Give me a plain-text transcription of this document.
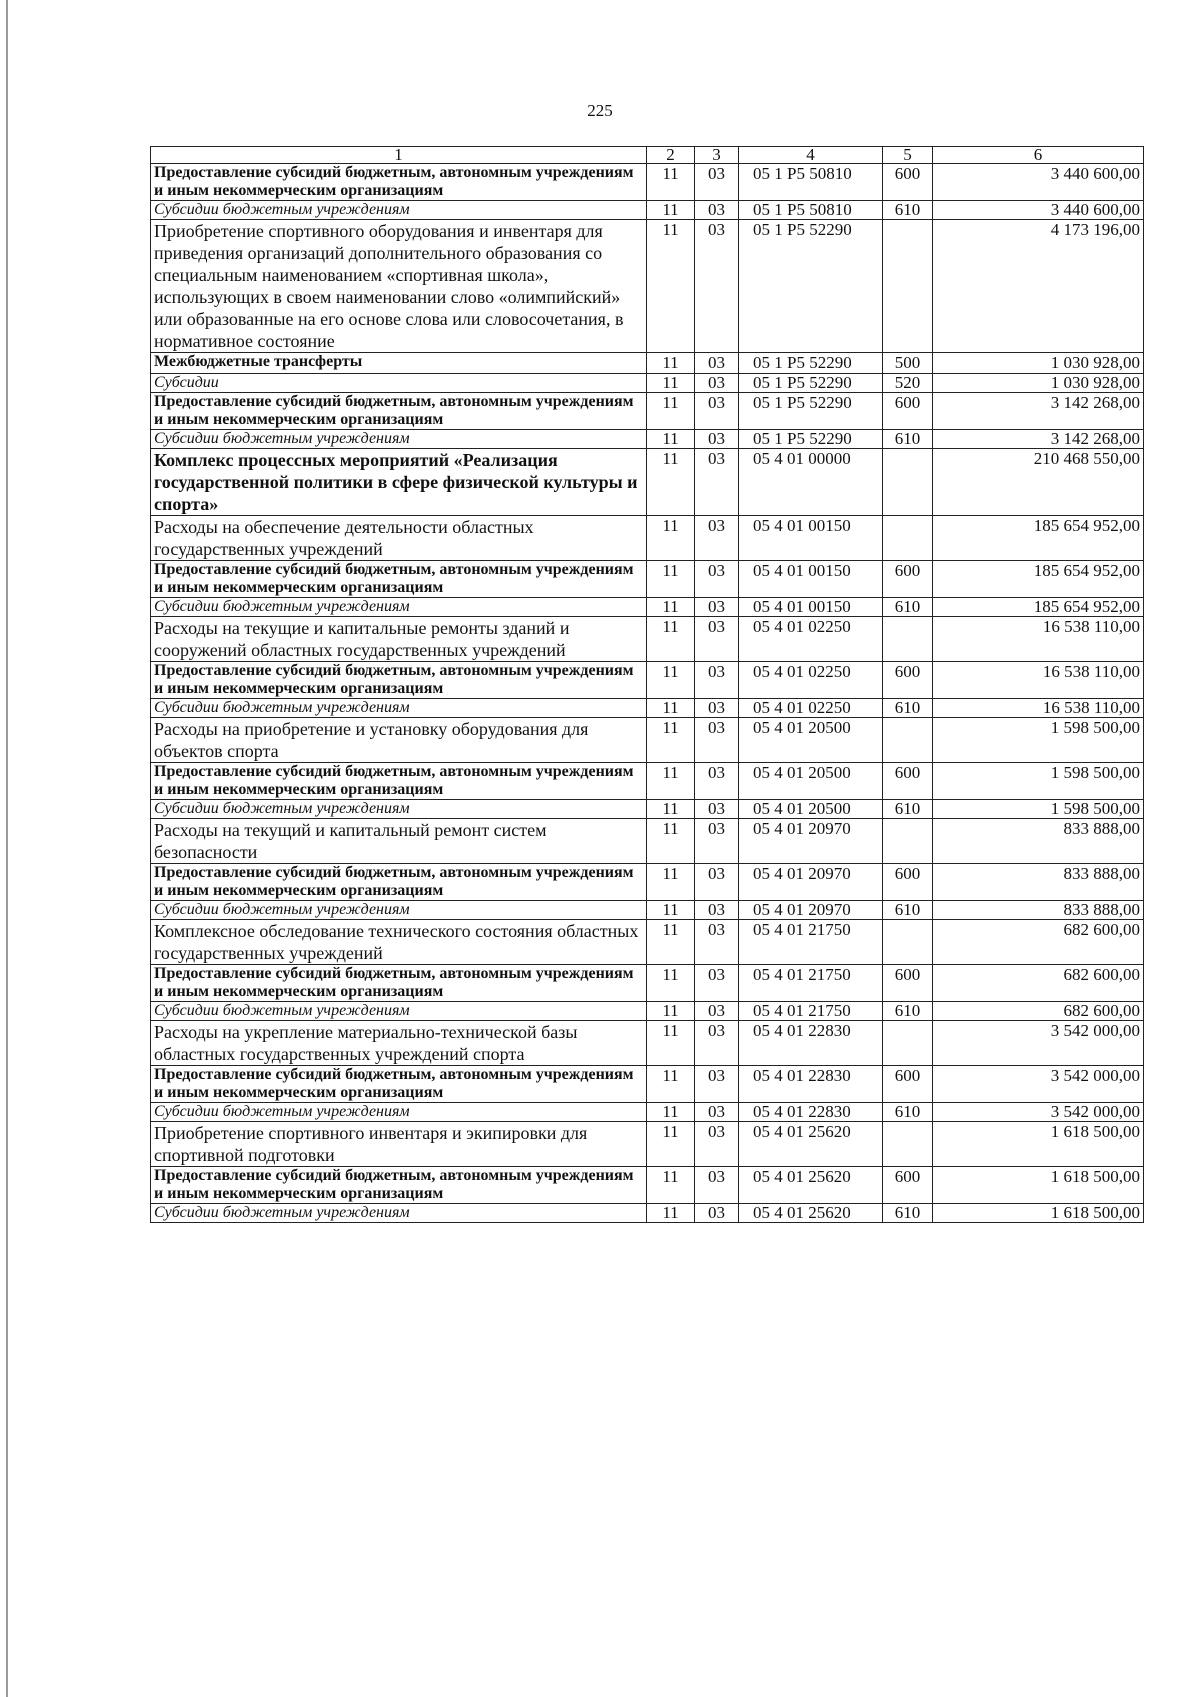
225
1	2	3	4	5	6
Предоставление субсидий бюджетным, автономным учреждениям и иным некоммерческим организациям	11	03	05 1 P5 50810	600	3 440 600,00
Субсидии бюджетным учреждениям	11	03	05 1 P5 50810	610	3 440 600,00
Приобретение спортивного оборудования и инвентаря для приведения организаций дополнительного образования со специальным наименованием «спортивная школа», использующих в своем наименовании слово «олимпийский» или образованные на его основе слова или словосочетания, в нормативное состояние	11	03	05 1 P5 52290		4 173 196,00
Межбюджетные трансферты	11	03	05 1 P5 52290	500	1 030 928,00
Субсидии	11	03	05 1 P5 52290	520	1 030 928,00
Предоставление субсидий бюджетным, автономным учреждениям и иным некоммерческим организациям	11	03	05 1 P5 52290	600	3 142 268,00
Субсидии бюджетным учреждениям	11	03	05 1 P5 52290	610	3 142 268,00
Комплекс процессных мероприятий «Реализация государственной политики в сфере физической культуры и спорта»	11	03	05 4 01 00000		210 468 550,00
Расходы на обеспечение деятельности областных государственных учреждений	11	03	05 4 01 00150		185 654 952,00
Предоставление субсидий бюджетным, автономным учреждениям и иным некоммерческим организациям	11	03	05 4 01 00150	600	185 654 952,00
Субсидии бюджетным учреждениям	11	03	05 4 01 00150	610	185 654 952,00
Расходы на текущие и капитальные ремонты зданий и сооружений областных государственных учреждений	11	03	05 4 01 02250		16 538 110,00
Предоставление субсидий бюджетным, автономным учреждениям и иным некоммерческим организациям	11	03	05 4 01 02250	600	16 538 110,00
Субсидии бюджетным учреждениям	11	03	05 4 01 02250	610	16 538 110,00
Расходы на приобретение и установку оборудования для объектов спорта	11	03	05 4 01 20500		1 598 500,00
Предоставление субсидий бюджетным, автономным учреждениям и иным некоммерческим организациям	11	03	05 4 01 20500	600	1 598 500,00
Субсидии бюджетным учреждениям	11	03	05 4 01 20500	610	1 598 500,00
Расходы на текущий и капитальный ремонт систем безопасности	11	03	05 4 01 20970		833 888,00
Предоставление субсидий бюджетным, автономным учреждениям и иным некоммерческим организациям	11	03	05 4 01 20970	600	833 888,00
Субсидии бюджетным учреждениям	11	03	05 4 01 20970	610	833 888,00
Комплексное обследование технического состояния областных государственных учреждений	11	03	05 4 01 21750		682 600,00
Предоставление субсидий бюджетным, автономным учреждениям и иным некоммерческим организациям	11	03	05 4 01 21750	600	682 600,00
Субсидии бюджетным учреждениям	11	03	05 4 01 21750	610	682 600,00
Расходы на укрепление материально-технической базы областных государственных учреждений спорта	11	03	05 4 01 22830		3 542 000,00
Предоставление субсидий бюджетным, автономным учреждениям и иным некоммерческим организациям	11	03	05 4 01 22830	600	3 542 000,00
Субсидии бюджетным учреждениям	11	03	05 4 01 22830	610	3 542 000,00
Приобретение спортивного инвентаря и экипировки для спортивной подготовки	11	03	05 4 01 25620		1 618 500,00
Предоставление субсидий бюджетным, автономным учреждениям и иным некоммерческим организациям	11	03	05 4 01 25620	600	1 618 500,00
Субсидии бюджетным учреждениям	11	03	05 4 01 25620	610	1 618 500,00
